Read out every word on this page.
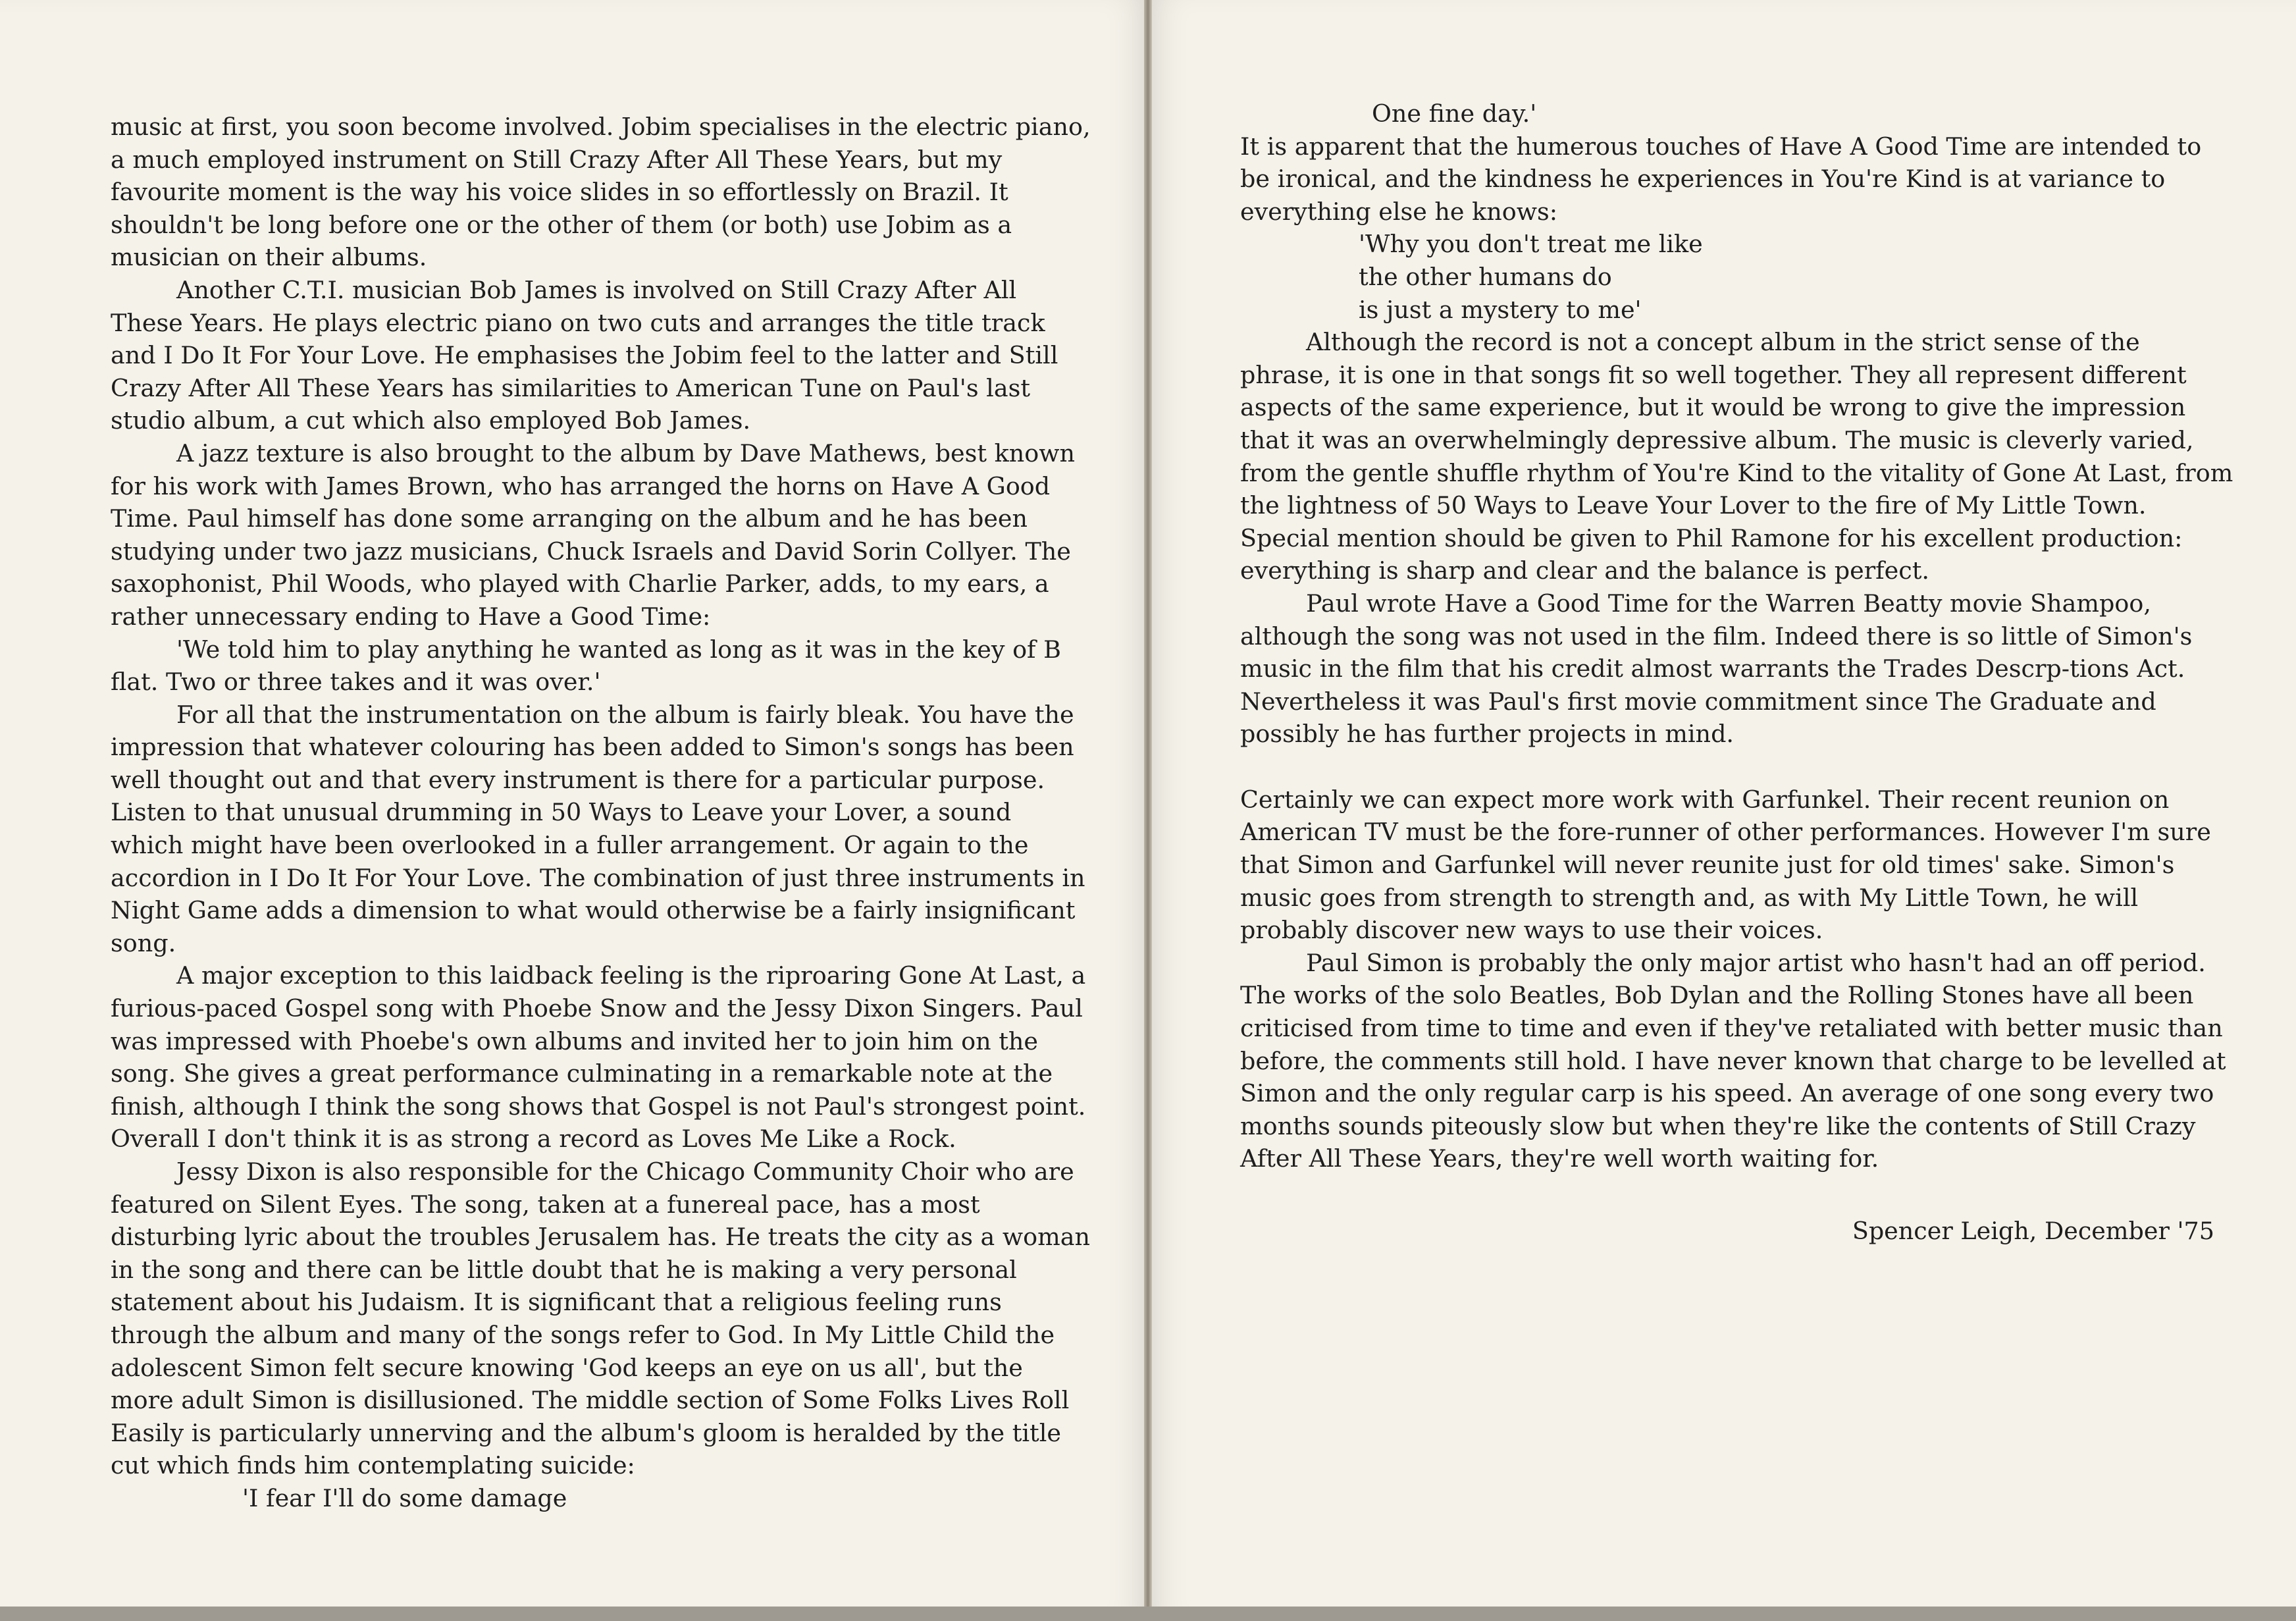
music at first, you soon become involved. Jobim specialises in the electric piano, a much employed instrument on Still Crazy After All These Years, but my favourite moment is the way his voice slides in so effortlessly on Brazil. It shouldn't be long before one or the other of them (or both) use Jobim as a musician on their albums.

Another C.T.I. musician Bob James is involved on Still Crazy After All These Years. He plays electric piano on two cuts and arranges the title track and I Do It For Your Love. He emphasises the Jobim feel to the latter and Still Crazy After All These Years has similarities to American Tune on Paul's last studio album, a cut which also employed Bob James.

A jazz texture is also brought to the album by Dave Mathews, best known for his work with James Brown, who has arranged the horns on Have A Good Time. Paul himself has done some arranging on the album and he has been studying under two jazz musicians, Chuck Israels and David Sorin Collyer. The saxophonist, Phil Woods, who played with Charlie Parker, adds, to my ears, a rather unnecessary ending to Have a Good Time:

'We told him to play anything he wanted as long as it was in the key of B flat. Two or three takes and it was over.'

For all that the instrumentation on the album is fairly bleak. You have the impression that whatever colouring has been added to Simon's songs has been well thought out and that every instrument is there for a particular purpose. Listen to that unusual drumming in 50 Ways to Leave your Lover, a sound which might have been overlooked in a fuller arrangement. Or again to the accordion in I Do It For Your Love. The combination of just three instruments in Night Game adds a dimension to what would otherwise be a fairly insignificant song.

A major exception to this laidback feeling is the riproaring Gone At Last, a furious-paced Gospel song with Phoebe Snow and the Jessy Dixon Singers. Paul was impressed with Phoebe's own albums and invited her to join him on the song. She gives a great performance culminating in a remarkable note at the finish, although I think the song shows that Gospel is not Paul's strongest point. Overall I don't think it is as strong a record as Loves Me Like a Rock.

Jessy Dixon is also responsible for the Chicago Community Choir who are featured on Silent Eyes. The song, taken at a funereal pace, has a most disturbing lyric about the troubles Jerusalem has. He treats the city as a woman in the song and there can be little doubt that he is making a very personal statement about his Judaism. It is significant that a religious feeling runs through the album and many of the songs refer to God. In My Little Child the adolescent Simon felt secure knowing 'God keeps an eye on us all', but the more adult Simon is disillusioned. The middle section of Some Folks Lives Roll Easily is particularly unnerving and the album's gloom is heralded by the title cut which finds him contemplating suicide:

'I fear I'll do some damage

One fine day.'

It is apparent that the humerous touches of Have A Good Time are intended to be ironical, and the kindness he experiences in You're Kind is at variance to everything else he knows:

'Why you don't treat me like

the other humans do

is just a mystery to me'

Although the record is not a concept album in the strict sense of the phrase, it is one in that songs fit so well together. They all represent different aspects of the same experience, but it would be wrong to give the impression that it was an overwhelmingly depressive album. The music is cleverly varied, from the gentle shuffle rhythm of You're Kind to the vitality of Gone At Last, from the lightness of 50 Ways to Leave Your Lover to the fire of My Little Town. Special mention should be given to Phil Ramone for his excellent production: everything is sharp and clear and the balance is perfect.

Paul wrote Have a Good Time for the Warren Beatty movie Shampoo, although the song was not used in the film. Indeed there is so little of Simon's music in the film that his credit almost warrants the Trades Descrp-tions Act. Nevertheless it was Paul's first movie commitment since The Graduate and possibly he has further projects in mind.

Certainly we can expect more work with Garfunkel. Their recent reunion on American TV must be the fore-runner of other performances. However I'm sure that Simon and Garfunkel will never reunite just for old times' sake. Simon's music goes from strength to strength and, as with My Little Town, he will probably discover new ways to use their voices.

Paul Simon is probably the only major artist who hasn't had an off period. The works of the solo Beatles, Bob Dylan and the Rolling Stones have all been criticised from time to time and even if they've retaliated with better music than before, the comments still hold. I have never known that charge to be levelled at Simon and the only regular carp is his speed. An average of one song every two months sounds piteously slow but when they're like the contents of Still Crazy After All These Years, they're well worth waiting for.

Spencer Leigh, December '75
